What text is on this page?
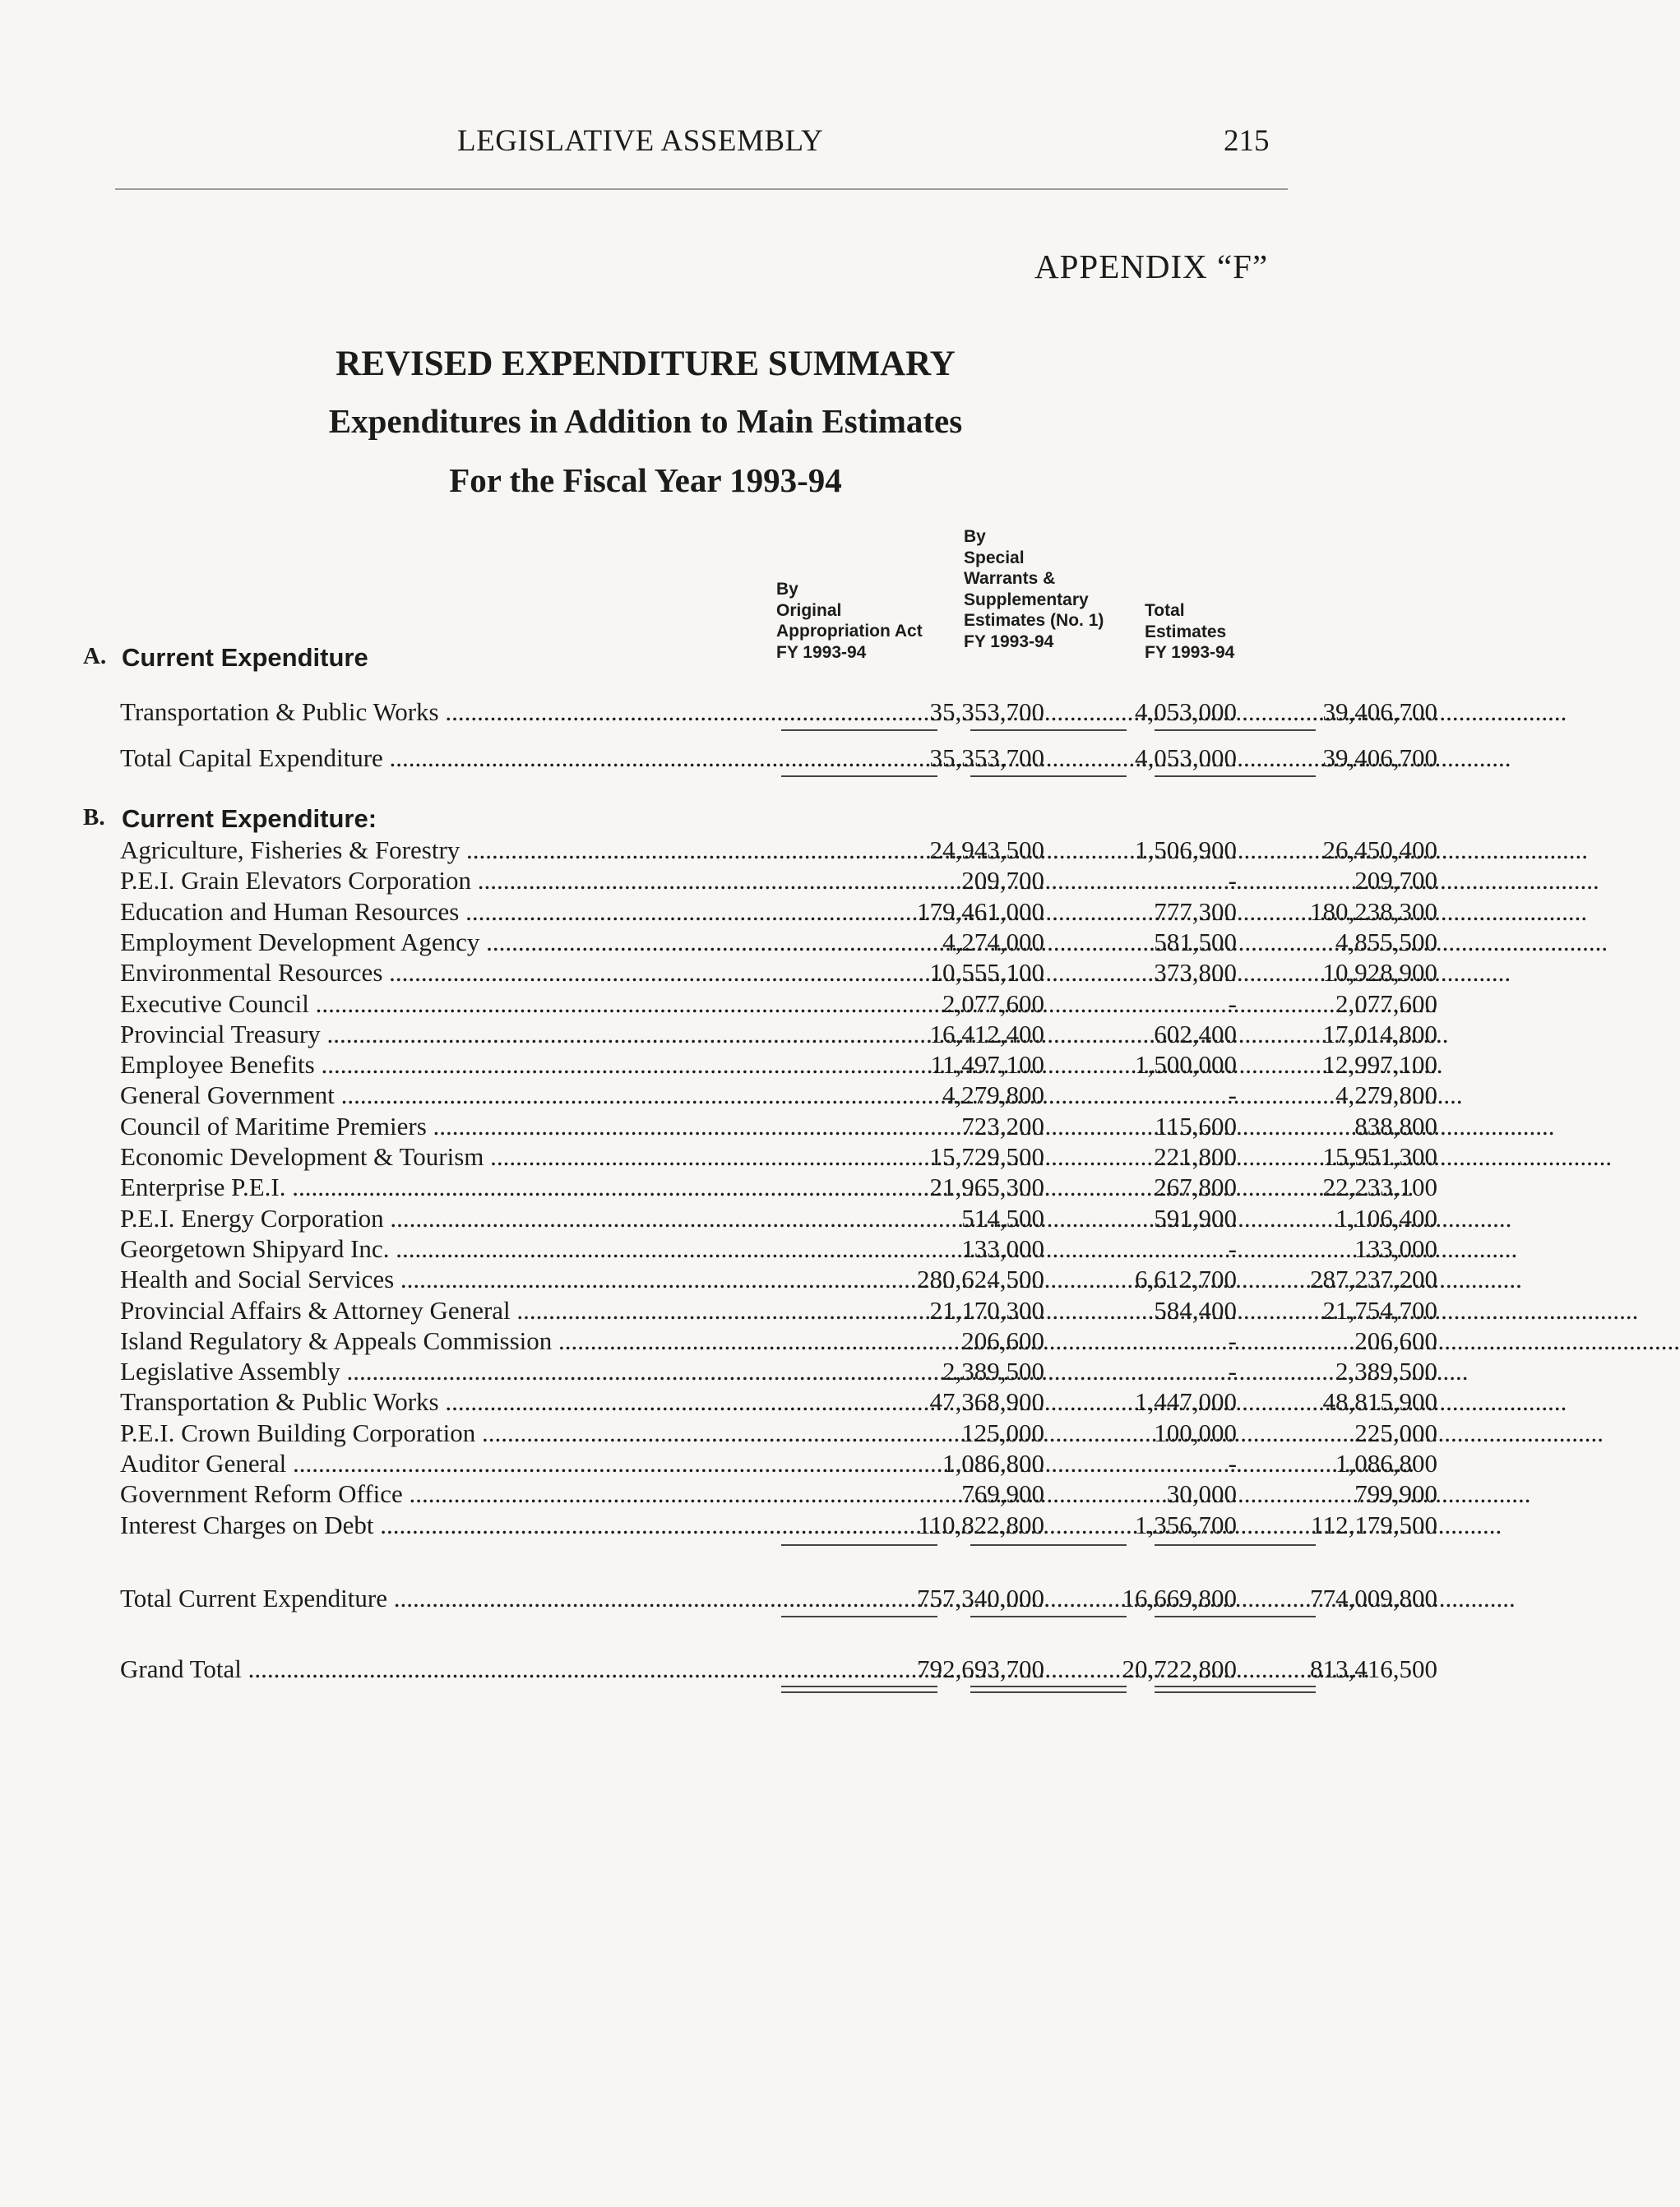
LEGISLATIVE ASSEMBLY	215
APPENDIX “F”
REVISED EXPENDITURE SUMMARY
Expenditures in Addition to Main Estimates
For the Fiscal Year 1993-94
By
Original
Appropriation Act
FY 1993-94
By
Special
Warrants &
Supplementary
Estimates (No. 1)
FY 1993-94
Total
Estimates
FY 1993-94
A. Current Expenditure
Transportation & Public Works .....	35,353,700	4,053,000	39,406,700
Total Capital Expenditure .....	35,353,700	4,053,000	39,406,700
B. Current Expenditure:
Agriculture, Fisheries & Forestry .....	24,943,500	1,506,900	26,450,400
P.E.I. Grain Elevators Corporation .....	209,700	-	209,700
Education and Human Resources .....	179,461,000	777,300	180,238,300
Employment Development Agency .....	4,274,000	581,500	4,855,500
Environmental Resources .....	10,555,100	373,800	10,928,900
Executive Council .....	2,077,600	-	2,077,600
Provincial Treasury .....	16,412,400	602,400	17,014,800
Employee Benefits .....	11,497,100	1,500,000	12,997,100
General Government .....	4,279,800	-	4,279,800
Council of Maritime Premiers .....	723,200	115,600	838,800
Economic Development & Tourism .....	15,729,500	221,800	15,951,300
Enterprise P.E.I. .....	21,965,300	267,800	22,233,100
P.E.I. Energy Corporation .....	514,500	591,900	1,106,400
Georgetown Shipyard Inc. .....	133,000	-	133,000
Health and Social Services .....	280,624,500	6,612,700	287,237,200
Provincial Affairs & Attorney General .....	21,170,300	584,400	21,754,700
Island Regulatory & Appeals Commission .....	206,600	-	206,600
Legislative Assembly .....	2,389,500	-	2,389,500
Transportation & Public Works .....	47,368,900	1,447,000	48,815,900
P.E.I. Crown Building Corporation .....	125,000	100,000	225,000
Auditor General .....	1,086,800	-	1,086,800
Government Reform Office .....	769,900	30,000	799,900
Interest Charges on Debt .....	110,822,800	1,356,700	112,179,500
Total Current Expenditure .....	757,340,000	16,669,800	774,009,800
Grand Total .....	792,693,700	20,722,800	813,416,500
